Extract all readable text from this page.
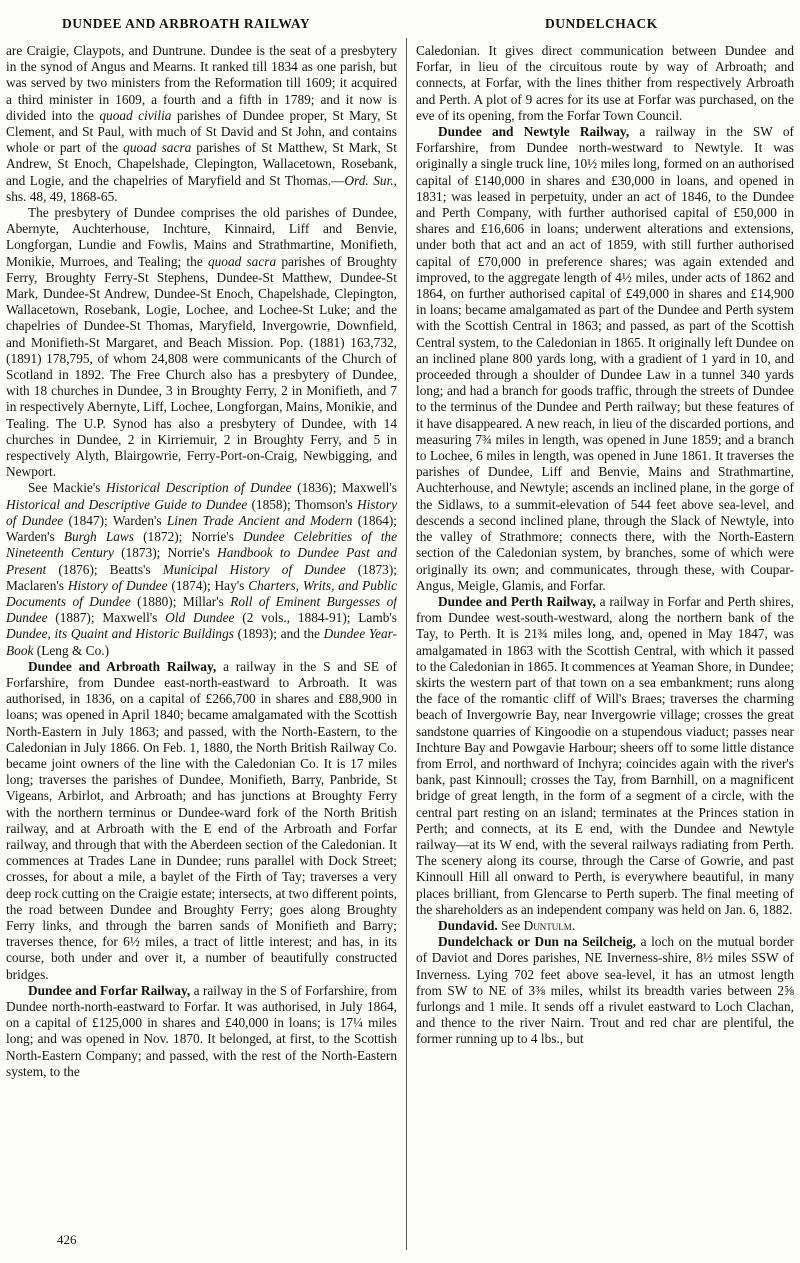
DUNDEE AND ARBROATH RAILWAY	DUNDELCHACK

are Craigie, Claypots, and Duntrune. Dundee is the seat of a presbytery in the synod of Angus and Mearns. It ranked till 1834 as one parish, but was served by two ministers from the Reformation till 1609; it acquired a third minister in 1609, a fourth and a fifth in 1789; and it now is divided into the quoad civilia parishes of Dundee proper, St Mary, St Clement, and St Paul, with much of St David and St John, and contains whole or part of the quoad sacra parishes of St Matthew, St Mark, St Andrew, St Enoch, Chapelshade, Clepington, Wallacetown, Rosebank, and Logie, and the chapelries of Maryfield and St Thomas.—Ord. Sur., shs. 48, 49, 1868-65.

The presbytery of Dundee comprises the old parishes of Dundee, Abernyte, Auchterhouse, Inchture, Kinnaird, Liff and Benvie, Longforgan, Lundie and Fowlis, Mains and Strathmartine, Monifieth, Monikie, Murroes, and Tealing; the quoad sacra parishes of Broughty Ferry, Broughty Ferry-St Stephens, Dundee-St Matthew, Dundee-St Mark, Dundee-St Andrew, Dundee-St Enoch, Chapelshade, Clepington, Wallacetown, Rosebank, Logie, Lochee, and Lochee-St Luke; and the chapelries of Dundee-St Thomas, Maryfield, Invergowrie, Downfield, and Monifieth-St Margaret, and Beach Mission. Pop. (1881) 163,732, (1891) 178,795, of whom 24,808 were communicants of the Church of Scotland in 1892. The Free Church also has a presbytery of Dundee, with 18 churches in Dundee, 3 in Broughty Ferry, 2 in Monifieth, and 7 in respectively Abernyte, Liff, Lochee, Longforgan, Mains, Monikie, and Tealing. The U.P. Synod has also a presbytery of Dundee, with 14 churches in Dundee, 2 in Kirriemuir, 2 in Broughty Ferry, and 5 in respectively Alyth, Blairgowrie, Ferry-Port-on-Craig, Newbigging, and Newport.

See Mackie's Historical Description of Dundee (1836); Maxwell's Historical and Descriptive Guide to Dundee (1858); Thomson's History of Dundee (1847); Warden's Linen Trade Ancient and Modern (1864); Warden's Burgh Laws (1872); Norrie's Dundee Celebrities of the Nineteenth Century (1873); Norrie's Handbook to Dundee Past and Present (1876); Beatts's Municipal History of Dundee (1873); Maclaren's History of Dundee (1874); Hay's Charters, Writs, and Public Documents of Dundee (1880); Millar's Roll of Eminent Burgesses of Dundee (1887); Maxwell's Old Dundee (2 vols., 1884-91); Lamb's Dundee, its Quaint and Historic Buildings (1893); and the Dundee Year-Book (Leng & Co.)

Dundee and Arbroath Railway, a railway in the S and SE of Forfarshire, from Dundee east-north-eastward to Arbroath. It was authorised, in 1836, on a capital of £266,700 in shares and £88,900 in loans; was opened in April 1840; became amalgamated with the Scottish North-Eastern in July 1863; and passed, with the North-Eastern, to the Caledonian in July 1866. On Feb. 1, 1880, the North British Railway Co. became joint owners of the line with the Caledonian Co. It is 17 miles long; traverses the parishes of Dundee, Monifieth, Barry, Panbride, St Vigeans, Arbirlot, and Arbroath; and has junctions at Broughty Ferry with the northern terminus or Dundee-ward fork of the North British railway, and at Arbroath with the E end of the Arbroath and Forfar railway, and through that with the Aberdeen section of the Caledonian. It commences at Trades Lane in Dundee; runs parallel with Dock Street; crosses, for about a mile, a baylet of the Firth of Tay; traverses a very deep rock cutting on the Craigie estate; intersects, at two different points, the road between Dundee and Broughty Ferry; goes along Broughty Ferry links, and through the barren sands of Monifieth and Barry; traverses thence, for 6½ miles, a tract of little interest; and has, in its course, both under and over it, a number of beautifully constructed bridges.

Dundee and Forfar Railway, a railway in the S of Forfarshire, from Dundee north-north-eastward to Forfar. It was authorised, in July 1864, on a capital of £125,000 in shares and £40,000 in loans; is 17¼ miles long; and was opened in Nov. 1870. It belonged, at first, to the Scottish North-Eastern Company; and passed, with the rest of the North-Eastern system, to the

Caledonian. It gives direct communication between Dundee and Forfar, in lieu of the circuitous route by way of Arbroath; and connects, at Forfar, with the lines thither from respectively Arbroath and Perth. A plot of 9 acres for its use at Forfar was purchased, on the eve of its opening, from the Forfar Town Council.

Dundee and Newtyle Railway, a railway in the SW of Forfarshire, from Dundee north-westward to Newtyle. It was originally a single truck line, 10½ miles long, formed on an authorised capital of £140,000 in shares and £30,000 in loans, and opened in 1831; was leased in perpetuity, under an act of 1846, to the Dundee and Perth Company, with further authorised capital of £50,000 in shares and £16,606 in loans; underwent alterations and extensions, under both that act and an act of 1859, with still further authorised capital of £70,000 in preference shares; was again extended and improved, to the aggregate length of 4½ miles, under acts of 1862 and 1864, on further authorised capital of £49,000 in shares and £14,900 in loans; became amalgamated as part of the Dundee and Perth system with the Scottish Central in 1863; and passed, as part of the Scottish Central system, to the Caledonian in 1865. It originally left Dundee on an inclined plane 800 yards long, with a gradient of 1 yard in 10, and proceeded through a shoulder of Dundee Law in a tunnel 340 yards long; and had a branch for goods traffic, through the streets of Dundee to the terminus of the Dundee and Perth railway; but these features of it have disappeared. A new reach, in lieu of the discarded portions, and measuring 7¾ miles in length, was opened in June 1859; and a branch to Lochee, 6 miles in length, was opened in June 1861. It traverses the parishes of Dundee, Liff and Benvie, Mains and Strathmartine, Auchterhouse, and Newtyle; ascends an inclined plane, in the gorge of the Sidlaws, to a summit-elevation of 544 feet above sea-level, and descends a second inclined plane, through the Slack of Newtyle, into the valley of Strathmore; connects there, with the North-Eastern section of the Caledonian system, by branches, some of which were originally its own; and communicates, through these, with Coupar-Angus, Meigle, Glamis, and Forfar.

Dundee and Perth Railway, a railway in Forfar and Perth shires, from Dundee west-south-westward, along the northern bank of the Tay, to Perth. It is 21¾ miles long, and, opened in May 1847, was amalgamated in 1863 with the Scottish Central, with which it passed to the Caledonian in 1865. It commences at Yeaman Shore, in Dundee; skirts the western part of that town on a sea embankment; runs along the face of the romantic cliff of Will's Braes; traverses the charming beach of Invergowrie Bay, near Invergowrie village; crosses the great sandstone quarries of Kingoodie on a stupendous viaduct; passes near Inchture Bay and Powgavie Harbour; sheers off to some little distance from Errol, and northward of Inchyra; coincides again with the river's bank, past Kinnoull; crosses the Tay, from Barnhill, on a magnificent bridge of great length, in the form of a segment of a circle, with the central part resting on an island; terminates at the Princes station in Perth; and connects, at its E end, with the Dundee and Newtyle railway—at its W end, with the several railways radiating from Perth. The scenery along its course, through the Carse of Gowrie, and past Kinnoull Hill all onward to Perth, is everywhere beautiful, in many places brilliant, from Glencarse to Perth superb. The final meeting of the shareholders as an independent company was held on Jan. 6, 1882.

Dundavid. See Duntulm.

Dundelchack or Dun na Seilcheig, a loch on the mutual border of Daviot and Dores parishes, NE Inverness-shire, 8½ miles SSW of Inverness. Lying 702 feet above sea-level, it has an utmost length from SW to NE of 3⅜ miles, whilst its breadth varies between 2⅝ furlongs and 1 mile. It sends off a rivulet eastward to Loch Clachan, and thence to the river Nairn. Trout and red char are plentiful, the former running up to 4 lbs., but

426
